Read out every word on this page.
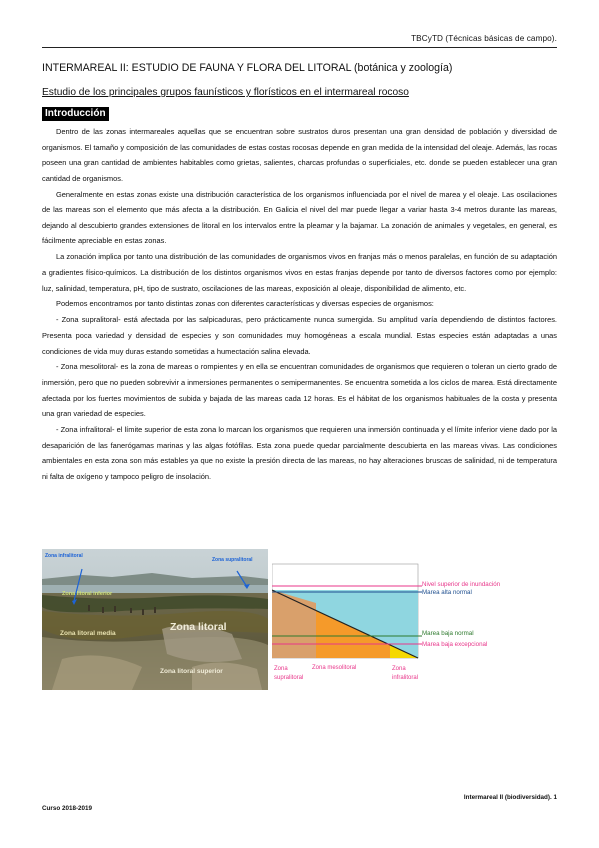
TBCyTD (Técnicas básicas de campo).
INTERMAREAL II: ESTUDIO DE FAUNA Y FLORA DEL LITORAL (botánica y zoología)
Estudio de los principales grupos faunísticos y florísticos en el intermareal rocoso
Introducción

Dentro de las zonas intermareales aquellas que se encuentran sobre sustratos duros presentan una gran densidad de población y diversidad de organismos. El tamaño y composición de las comunidades de estas costas rocosas depende en gran medida de la intensidad del oleaje. Además, las rocas poseen una gran cantidad de ambientes habitables como grietas, salientes, charcas profundas o superficiales, etc. donde se pueden establecer una gran cantidad de organismos.

Generalmente en estas zonas existe una distribución característica de los organismos influenciada por el nivel de marea y el oleaje. Las oscilaciones de las mareas son el elemento que más afecta a la distribución. En Galicia el nivel del mar puede llegar a variar hasta 3-4 metros durante las mareas, dejando al descubierto grandes extensiones de litoral en los intervalos entre la pleamar y la bajamar. La zonación de animales y vegetales, en general, es fácilmente apreciable en estas zonas.

La zonación implica por tanto una distribución de las comunidades de organismos vivos en franjas más o menos paralelas, en función de su adaptación a gradientes físico-químicos. La distribución de los distintos organismos vivos en estas franjas depende por tanto de diversos factores como por ejemplo: luz, salinidad, temperatura, pH, tipo de sustrato, oscilaciones de las mareas, exposición al oleaje, disponibilidad de alimento, etc.

Podemos encontramos por tanto distintas zonas con diferentes características y diversas especies de organismos:

- Zona supralitoral- está afectada por las salpicaduras, pero prácticamente nunca sumergida. Su amplitud varía dependiendo de distintos factores. Presenta poca variedad y densidad de especies y son comunidades muy homogéneas a escala mundial. Estas especies están adaptadas a unas condiciones de vida muy duras estando sometidas a humectación salina elevada.

- Zona mesolitoral- es la zona de mareas o rompientes y en ella se encuentran comunidades de organismos que requieren o toleran un cierto grado de inmersión, pero que no pueden sobrevivir a inmersiones permanentes o semipermanentes. Se encuentra sometida a los ciclos de marea. Está directamente afectada por los fuertes movimientos de subida y bajada de las mareas cada 12 horas. Es el hábitat de los organismos habituales de la costa y presenta una gran variedad de especies.

- Zona infralitoral- el límite superior de esta zona lo marcan los organismos que requieren una inmersión continuada y el límite inferior viene dado por la desaparición de las fanerógamas marinas y las algas fotófilas. Esta zona puede quedar parcialmente descubierta en las mareas vivas. Las condiciones ambientales en esta zona son más estables ya que no existe la presión directa de las mareas, no hay alteraciones bruscas de salinidad, ni de temperatura ni falta de oxígeno y tampoco peligro de insolación.

Zona infralitoral
Zona supralitoral
Zona litoral inferior
Zona litoral media
Zona litoral
Zona litoral superior
Nivel superior de inundación
Marea alta normal
Marea baja normal
Marea baja excepcional
Zona supralitoral
Zona mesolitoral	Zona infralitoral
Intermareal II (biodiversidad). 1
Curso 2018-2019
